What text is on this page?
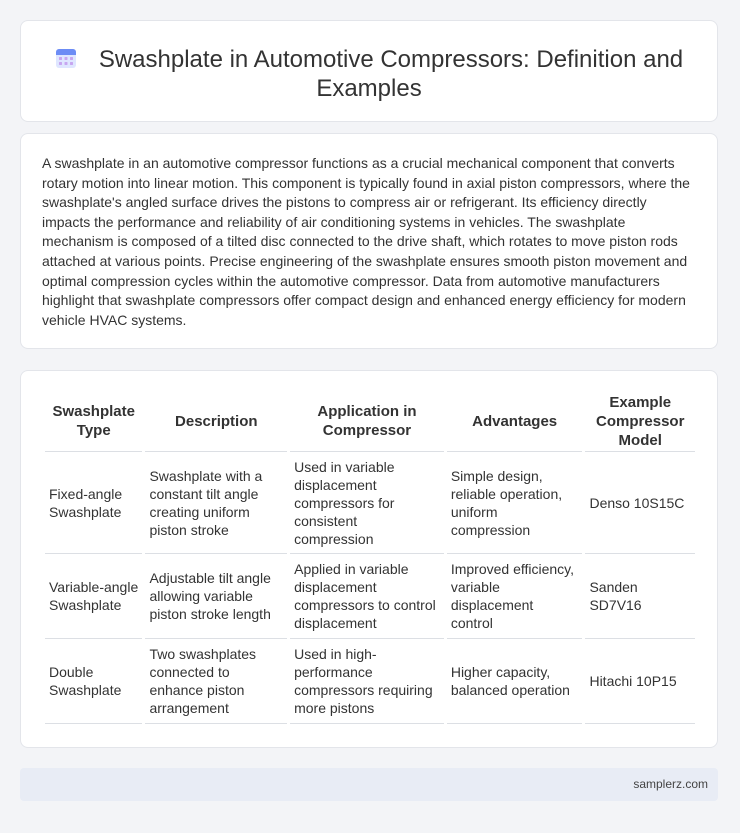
Swashplate in Automotive Compressors: Definition and Examples

A swashplate in an automotive compressor functions as a crucial mechanical component that converts rotary motion into linear motion. This component is typically found in axial piston compressors, where the swashplate's angled surface drives the pistons to compress air or refrigerant. Its efficiency directly impacts the performance and reliability of air conditioning systems in vehicles. The swashplate mechanism is composed of a tilted disc connected to the drive shaft, which rotates to move piston rods attached at various points. Precise engineering of the swashplate ensures smooth piston movement and optimal compression cycles within the automotive compressor. Data from automotive manufacturers highlight that swashplate compressors offer compact design and enhanced energy efficiency for modern vehicle HVAC systems.

Swashplate Type	Description	Application in Compressor	Advantages	Example Compressor Model
Fixed-angle Swashplate	Swashplate with a constant tilt angle creating uniform piston stroke	Used in variable displacement compressors for consistent compression	Simple design, reliable operation, uniform compression	Denso 10S15C
Variable-angle Swashplate	Adjustable tilt angle allowing variable piston stroke length	Applied in variable displacement compressors to control displacement	Improved efficiency, variable displacement control	Sanden SD7V16
Double Swashplate	Two swashplates connected to enhance piston arrangement	Used in high-performance compressors requiring more pistons	Higher capacity, balanced operation	Hitachi 10P15
samplerz.com
